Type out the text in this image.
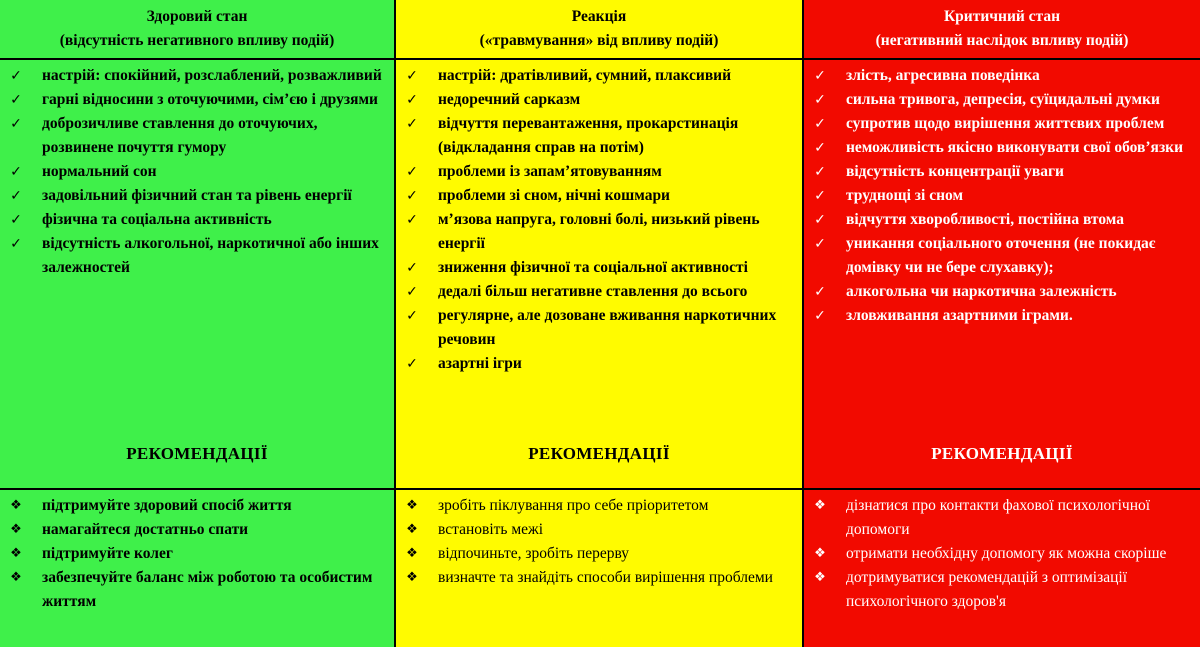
Здоровий стан
(відсутність негативного впливу подій)
Реакція
(«травмування» від впливу подій)
Критичний стан
(негативний наслідок впливу подій)
✓ настрій: спокійний, розслаблений, розважливий
✓ гарні відносини з оточуючими, сім’єю і друзями
✓ доброзичливе ставлення до оточуючих, розвинене почуття гумору
✓ нормальний сон
✓ задовільний фізичний стан та рівень енергії
✓ фізична та соціальна активність
✓ відсутність алкогольної, наркотичної або інших залежностей
РЕКОМЕНДАЦІЇ
✓ настрій: дратівливий, сумний, плаксивий
✓ недоречний сарказм
✓ відчуття перевантаження, прокарстинація (відкладання справ на потім)
✓ проблеми із запам’ятовуванням
✓ проблеми зі сном, нічні кошмари
✓ м’язова напруга, головні болі, низький рівень енергії
✓ зниження фізичної та соціальної активності
✓ дедалі більш негативне ставлення до всього
✓ регулярне, але дозоване вживання наркотичних речовин
✓ азартні ігри
РЕКОМЕНДАЦІЇ
✓ злість, агресивна поведінка
✓ сильна тривога, депресія, суїцидальні думки
✓ супротив щодо вирішення життєвих проблем
✓ неможливість якісно виконувати свої обов’язки
✓ відсутність концентрації уваги
✓ труднощі зі сном
✓ відчуття хворобливості, постійна втома
✓ уникання соціального оточення (не покидає домівку чи не бере слухавку);
✓ алкогольна чи наркотична залежність
✓ зловживання азартними іграми.
РЕКОМЕНДАЦІЇ
❖ підтримуйте здоровий спосіб життя
❖ намагайтеся достатньо спати
❖ підтримуйте колег
❖ забезпечуйте баланс між роботою та особистим життям
❖ зробіть піклування про себе пріоритетом
❖ встановіть межі
❖ відпочиньте, зробіть перерву
❖ визначте та знайдіть способи вирішення проблеми
❖ дізнатися про контакти фахової психологічної допомоги
❖ отримати необхідну допомогу як можна скоріше
❖ дотримуватися рекомендацій з оптимізації психологічного здоров'я
